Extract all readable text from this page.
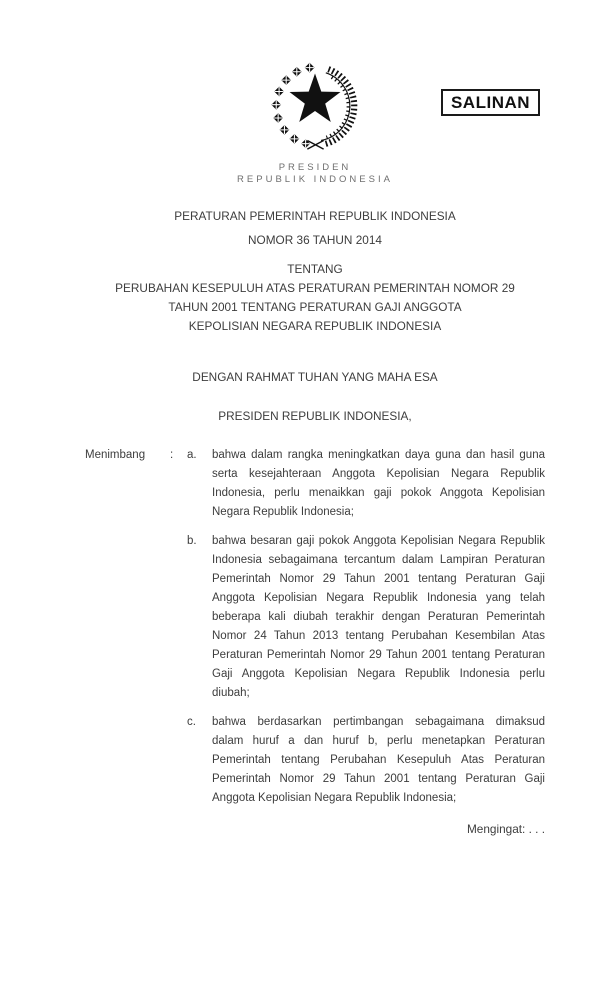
SALINAN
PRESIDEN
REPUBLIK INDONESIA
PERATURAN PEMERINTAH REPUBLIK INDONESIA
NOMOR 36 TAHUN 2014
TENTANG
PERUBAHAN KESEPULUH ATAS PERATURAN PEMERINTAH NOMOR 29
TAHUN 2001 TENTANG PERATURAN GAJI ANGGOTA
KEPOLISIAN NEGARA REPUBLIK INDONESIA
DENGAN RAHMAT TUHAN YANG MAHA ESA
PRESIDEN REPUBLIK INDONESIA,
Menimbang	:	a.	bahwa dalam rangka meningkatkan daya guna dan hasil guna serta kesejahteraan Anggota Kepolisian Negara Republik Indonesia, perlu menaikkan gaji pokok Anggota Kepolisian Negara Republik Indonesia;
b.	bahwa besaran gaji pokok Anggota Kepolisian Negara Republik Indonesia sebagaimana tercantum dalam Lampiran Peraturan Pemerintah Nomor 29 Tahun 2001 tentang Peraturan Gaji Anggota Kepolisian Negara Republik Indonesia yang telah beberapa kali diubah terakhir dengan Peraturan Pemerintah Nomor 24 Tahun 2013 tentang Perubahan Kesembilan Atas Peraturan Pemerintah Nomor 29 Tahun 2001 tentang Peraturan Gaji Anggota Kepolisian Negara Republik Indonesia perlu diubah;
c.	bahwa berdasarkan pertimbangan sebagaimana dimaksud dalam huruf a dan huruf b, perlu menetapkan Peraturan Pemerintah tentang Perubahan Kesepuluh Atas Peraturan Pemerintah Nomor 29 Tahun 2001 tentang Peraturan Gaji Anggota Kepolisian Negara Republik Indonesia;
Mengingat: . . .
